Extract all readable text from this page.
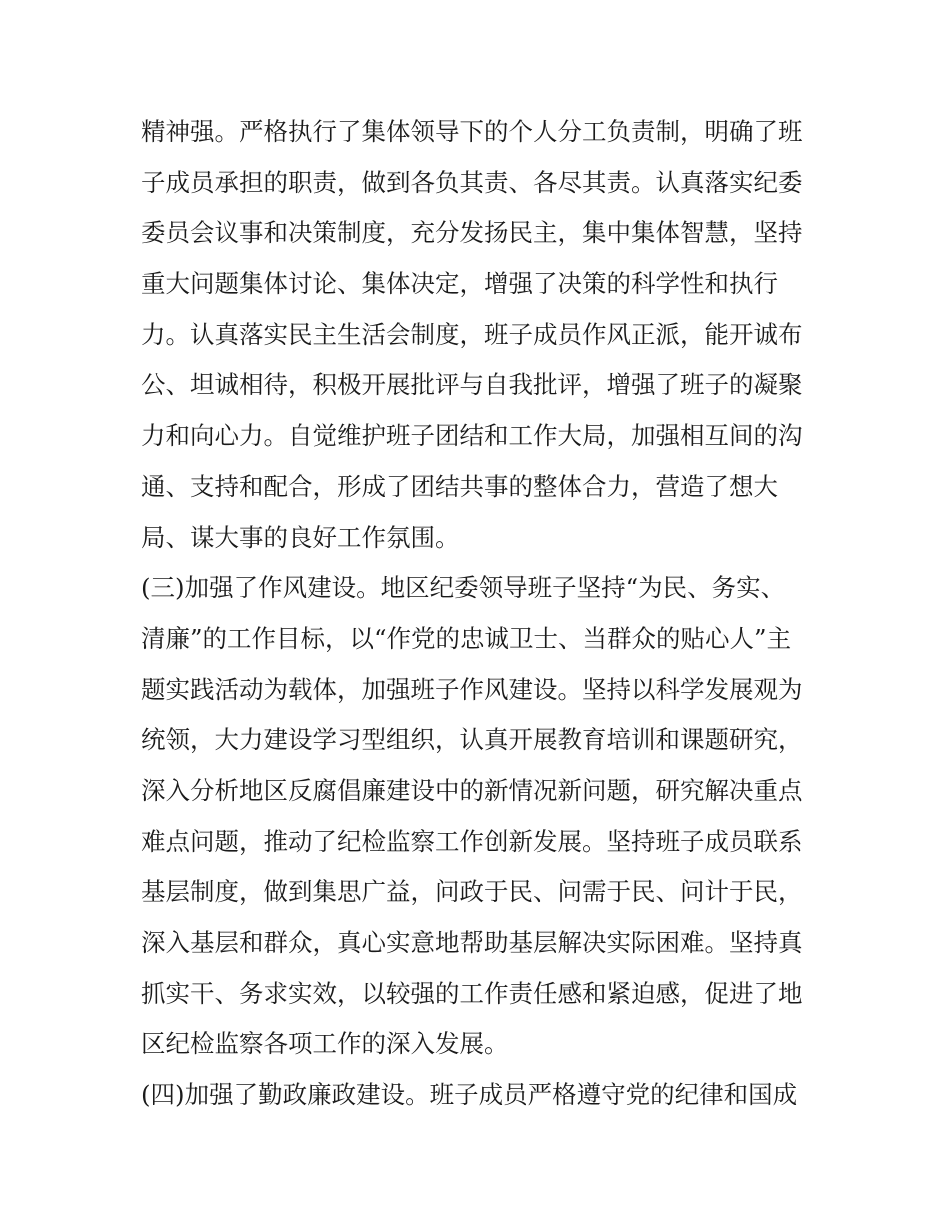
精神强。严格执行了集体领导下的个人分工负责制，明确了班
子成员承担的职责，做到各负其责、各尽其责。认真落实纪委
委员会议事和决策制度，充分发扬民主，集中集体智慧，坚持
重大问题集体讨论、集体决定，增强了决策的科学性和执行
力。认真落实民主生活会制度，班子成员作风正派，能开诚布
公、坦诚相待，积极开展批评与自我批评，增强了班子的凝聚
力和向心力。自觉维护班子团结和工作大局，加强相互间的沟
通、支持和配合，形成了团结共事的整体合力，营造了想大
局、谋大事的良好工作氛围。
(三)加强了作风建设。地区纪委领导班子坚持“为民、务实、
清廉”的工作目标，以“作党的忠诚卫士、当群众的贴心人”主
题实践活动为载体，加强班子作风建设。坚持以科学发展观为
统领，大力建设学习型组织，认真开展教育培训和课题研究，
深入分析地区反腐倡廉建设中的新情况新问题，研究解决重点
难点问题，推动了纪检监察工作创新发展。坚持班子成员联系
基层制度，做到集思广益，问政于民、问需于民、问计于民，
深入基层和群众，真心实意地帮助基层解决实际困难。坚持真
抓实干、务求实效，以较强的工作责任感和紧迫感，促进了地
区纪检监察各项工作的深入发展。
(四)加强了勤政廉政建设。班子成员严格遵守党的纪律和国成
